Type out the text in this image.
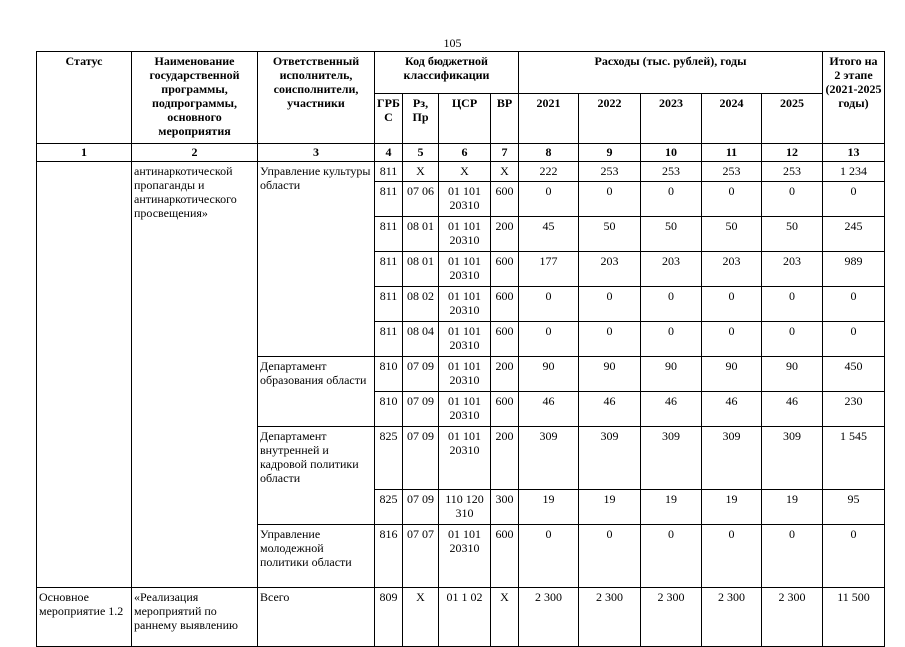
105
Статус	Наименование государственной программы, подпрограммы, основного мероприятия	Ответственный исполнитель, соисполнители, участники	Код бюджетной классификации				Расходы (тыс. рублей), годы					Итого на 2 этапе (2021-2025 годы)
			ГРБ С	Рз, Пр	ЦСР	ВР	2021	2022	2023	2024	2025	
1	2	3	4	5	6	7	8	9	10	11	12	13
	антинаркотической пропаганды и антинаркотического просвещения»	Управление культуры области	811	Х	Х	Х	222	253	253	253	253	1 234
			811	07 06	01 101 20310	600	0	0	0	0	0	0
			811	08 01	01 101 20310	200	45	50	50	50	50	245
			811	08 01	01 101 20310	600	177	203	203	203	203	989
			811	08 02	01 101 20310	600	0	0	0	0	0	0
			811	08 04	01 101 20310	600	0	0	0	0	0	0
		Департамент образования области	810	07 09	01 101 20310	200	90	90	90	90	90	450
			810	07 09	01 101 20310	600	46	46	46	46	46	230
		Департамент внутренней и кадровой политики области	825	07 09	01 101 20310	200	309	309	309	309	309	1 545
			825	07 09	110 120 310	300	19	19	19	19	19	95
		Управление молодежной политики области	816	07 07	01 101 20310	600	0	0	0	0	0	0
Основное мероприятие 1.2	«Реализация мероприятий по раннему выявлению	Всего	809	Х	01 1 02	Х	2 300	2 300	2 300	2 300	2 300	11 500
